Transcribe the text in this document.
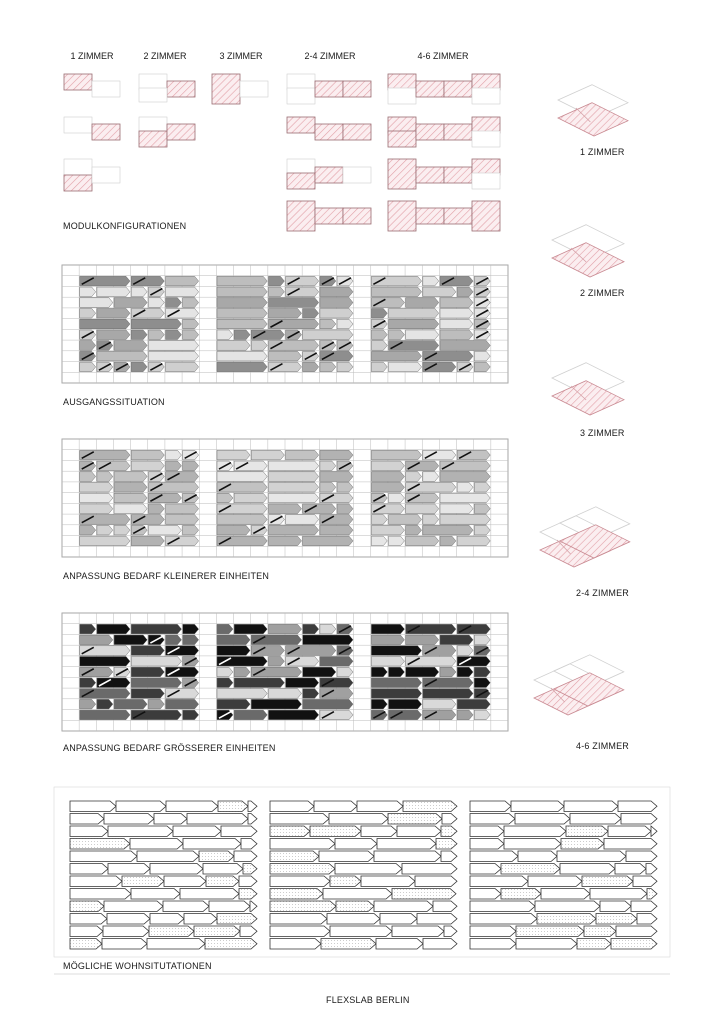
1 ZIMMER	2 ZIMMER	3 ZIMMER	2-4 ZIMMER	4-6 ZIMMER
MODULKONFIGURATIONEN
AUSGANGSSITUATION
ANPASSUNG BEDARF KLEINERER EINHEITEN
ANPASSUNG BEDARF GRÖSSERER EINHEITEN
MÖGLICHE WOHNSITUTATIONEN
FLEXSLAB BERLIN
1 ZIMMER
2 ZIMMER
3 ZIMMER
2-4 ZIMMER
4-6 ZIMMER
